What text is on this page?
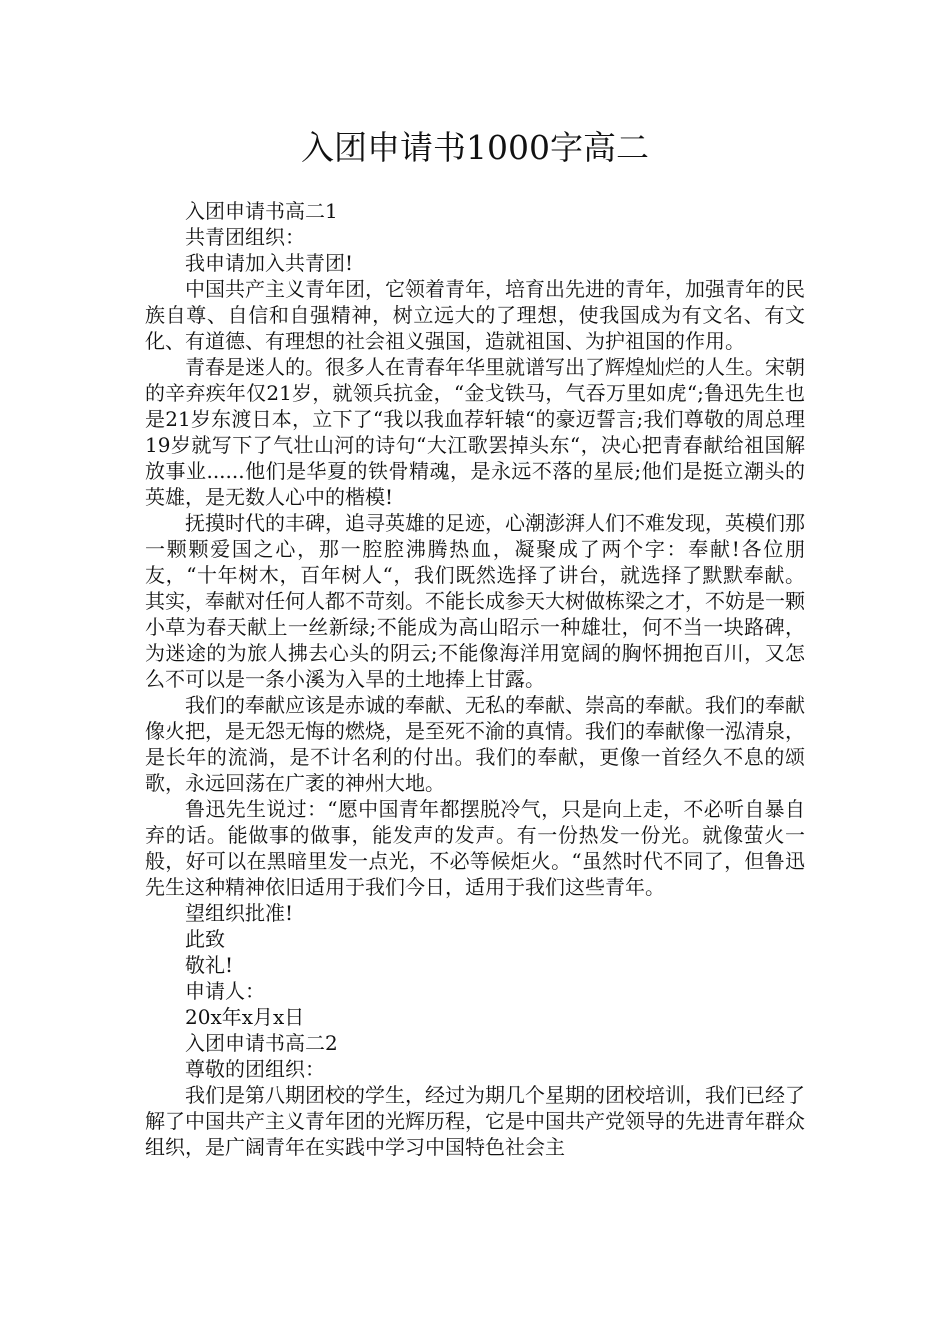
入团申请书1000字高二

入团申请书高二1

共青团组织：

我申请加入共青团!

中国共产主义青年团，它领着青年，培育出先进的青年，加强青年的民族自尊、自信和自强精神，树立远大的了理想，使我国成为有文名、有文化、有道德、有理想的社会祖义强国，造就祖国、为护祖国的作用。

青春是迷人的。很多人在青春年华里就谱写出了辉煌灿烂的人生。宋朝的辛弃疾年仅21岁，就领兵抗金，“金戈铁马，气吞万里如虎“;鲁迅先生也是21岁东渡日本，立下了“我以我血荐轩辕“的豪迈誓言;我们尊敬的周总理19岁就写下了气壮山河的诗句“大江歌罢掉头东“，决心把青春献给祖国解放事业......他们是华夏的铁骨精魂，是永远不落的星辰;他们是挺立潮头的英雄，是无数人心中的楷模!

抚摸时代的丰碑，追寻英雄的足迹，心潮澎湃人们不难发现，英模们那一颗颗爱国之心，那一腔腔沸腾热血，凝聚成了两个字：奉献!各位朋友，“十年树木，百年树人“，我们既然选择了讲台，就选择了默默奉献。其实，奉献对任何人都不苛刻。不能长成参天大树做栋梁之才，不妨是一颗小草为春天献上一丝新绿;不能成为高山昭示一种雄壮，何不当一块路碑，为迷途的为旅人拂去心头的阴云;不能像海洋用宽阔的胸怀拥抱百川，又怎么不可以是一条小溪为入旱的土地捧上甘露。

我们的奉献应该是赤诚的奉献、无私的奉献、崇高的奉献。我们的奉献像火把，是无怨无悔的燃烧，是至死不渝的真情。我们的奉献像一泓清泉，是长年的流淌，是不计名利的付出。我们的奉献，更像一首经久不息的颂歌，永远回荡在广袤的神州大地。

鲁迅先生说过：“愿中国青年都摆脱冷气，只是向上走，不必听自暴自弃的话。能做事的做事，能发声的发声。有一份热发一份光。就像萤火一般，好可以在黑暗里发一点光，不必等候炬火。“虽然时代不同了，但鲁迅先生这种精神依旧适用于我们今日，适用于我们这些青年。

望组织批准!

此致

敬礼!

申请人：

20x年x月x日

入团申请书高二2

尊敬的团组织：

我们是第八期团校的学生，经过为期几个星期的团校培训，我们已经了解了中国共产主义青年团的光辉历程，它是中国共产党领导的先进青年群众组织，是广阔青年在实践中学习中国特色社会主
